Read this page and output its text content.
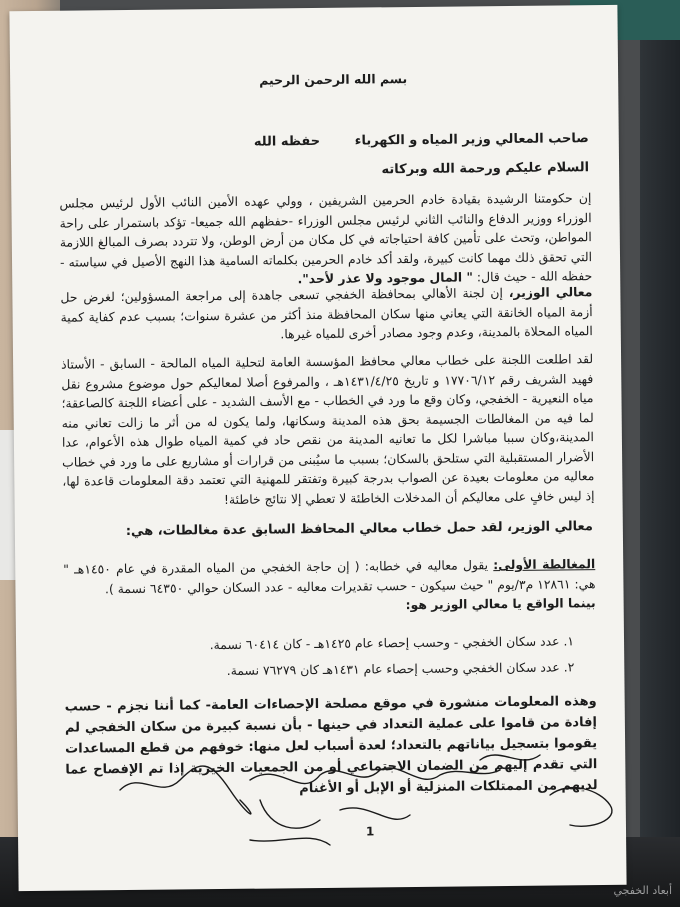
بسم الله الرحمن الرحيم
صاحب المعالي وزير المياه و الكهرباء
حفظه الله
السلام عليكم ورحمة الله وبركاته
إن حكومتنا الرشيدة بقيادة خادم الحرمين الشريفين ، وولي عهده الأمين النائب الأول لرئيس مجلس الوزراء ووزير الدفاع والنائب الثاني لرئيس مجلس الوزراء -حفظهم الله جميعا- تؤكد باستمرار على راحة المواطن، وتحث على تأمين كافة احتياجاته في كل مكان من أرض الوطن، ولا تتردد بصرف المبالغ اللازمة التي تحقق ذلك مهما كانت كبيرة، ولقد أكد خادم الحرمين بكلماته السامية هذا النهج الأصيل في سياسته - حفظه الله - حيث قال: " المال موجود ولا عذر لأحد".
معالي الوزير، إن لجنة الأهالي بمحافظة الخفجي تسعى جاهدة إلى مراجعة المسؤولين؛ لغرض حل أزمة المياه الخانقة التي يعاني منها سكان المحافظة منذ أكثر من عشرة سنوات؛ بسبب عدم كفاية كمية المياه المحلاة بالمدينة، وعدم وجود مصادر أخرى للمياه غيرها.
لقد اطلعت اللجنة على خطاب معالي محافظ المؤسسة العامة لتحلية المياه المالحة - السابق - الأستاذ فهيد الشريف رقم ١٧٧٠٦/١٢ و تاريخ ١٤٣١/٤/٢٥هـ ، والمرفوع أصلا لمعاليكم حول موضوع مشروع نقل مياه النعيرية - الخفجي، وكان وقع ما ورد في الخطاب - مع الأسف الشديد - على أعضاء اللجنة كالصاعقة؛ لما فيه من المغالطات الجسيمة بحق هذه المدينة وسكانها، ولما يكون له من أثر ما زالت تعاني منه المدينة،وكان سببا مباشرا لكل ما تعانيه المدينة من نقص حاد في كمية المياه طوال هذه الأعوام، عدا الأضرار المستقبلية التي ستلحق بالسكان؛ بسبب ما سيُبنى من قرارات أو مشاريع على ما ورد في خطاب معاليه من معلومات بعيدة عن الصواب بدرجة كبيرة وتفتقر للمهنية التي تعتمد دقة المعلومات قاعدة لها، إذ ليس خافٍ على معاليكم أن المدخلات الخاطئة لا تعطي إلا نتائج خاطئة!
معالي الوزير، لقد حمل خطاب معالي المحافظ السابق عدة مغالطات، هي:
المغالطة الأولى: يقول معاليه في خطابه: ( إن حاجة الخفجي من المياه المقدرة في عام ١٤٥٠هـ " هي: ١٢٨٦١ م٣/يوم " حيث سيكون - حسب تقديرات معاليه - عدد السكان حوالي ٦٤٣٥٠ نسمة ).
بينما الواقع يا معالي الوزير هو:
١. عدد سكان الخفجي - وحسب إحصاء عام ١٤٢٥هـ - كان ٦٠٤١٤ نسمة.
٢. عدد سكان الخفجي وحسب إحصاء عام ١٤٣١هـ كان ٧٦٢٧٩ نسمة.
وهذه المعلومات منشورة في موقع مصلحة الإحصاءات العامة- كما أننا نجزم - حسب إفادة من قاموا على عملية التعداد في حينها - بأن نسبة كبيرة من سكان الخفجي لم يقوموا بتسجيل بياناتهم بالتعداد؛ لعدة أسباب لعل منها: خوفهم من قطع المساعدات التي تقدم إليهم من الضمان الاجتماعي أو من الجمعيات الخيرية إذا تم الإفصاح عما لديهم من الممتلكات المنزلية أو الإبل أو الأغنام
1
أبعاد الخفجي
